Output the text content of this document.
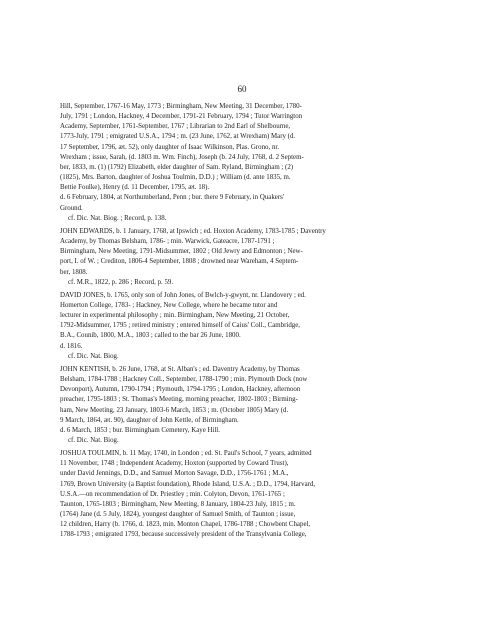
60
Hill, September, 1767-16 May, 1773 ; Birmingham, New Meeting, 31 December, 1780-
July, 1791 ; London, Hackney, 4 December, 1791-21 February, 1794 ; Tutor Warrington
Academy, September, 1761-September, 1767 ; Librarian to 2nd Earl of Shelbourne,
1773-July, 1791 ; emigrated U.S.A., 1794 ; m. (23 June, 1762, at Wrexham) Mary (d.
17 September, 1796, æt. 52), only daughter of Isaac Wilkinson, Plas. Grono, nr.
Wrexham ; issue, Sarah, (d. 1803 m. Wm. Finch), Joseph (b. 24 July, 1768, d. 2 Septem-
ber, 1833, m. (1) (1792) Elizabeth, elder daughter of Sam. Ryland, Birmingham ; (2)
(1825), Mrs. Barton, daughter of Joshua Toulmin, D.D.) ; William (d. ante 1835, m.
Bettie Foulke), Henry (d. 11 December, 1795, æt. 18).
d. 6 February, 1804, at Northumberland, Penn ; bur. there 9 February, in Quakers'
Ground.
cf. Dic. Nat. Biog. ; Record, p. 138.
JOHN EDWARDS, b. 1 January, 1768, at Ipswich ; ed. Hoxton Academy, 1783-1785 ; Daventry
Academy, by Thomas Belsham, 1786- ; min. Warwick, Gateacre, 1787-1791 ;
Birmingham, New Meeting, 1791-Midsummer, 1802 ; Old Jewry and Edmonton ; New-
port, I. of W. ; Crediton, 1806-4 September, 1808 ; drowned near Wareham, 4 Septem-
ber, 1808.
cf. M.R., 1822, p. 286 ; Record, p. 59.
DAVID JONES, b. 1765, only son of John Jones, of Bwlch-y-gwynt, nr. Llandovery ; ed.
Homerton College, 1783- ; Hackney, New College, where he became tutor and
lecturer in experimental philosophy ; min. Birmingham, New Meeting, 21 October,
1792-Midsummer, 1795 ; retired ministry ; entered himself of Caius' Coll., Cambridge,
B.A., Counib, 1800, M.A., 1803 ; called to the bar 26 June, 1800.
d. 1816.
cf. Dic. Nat. Biog.
JOHN KENTISH, b. 26 June, 1768, at St. Alban's ; ed. Daventry Academy, by Thomas
Belsham, 1784-1788 ; Hackney Coll., September, 1788-1790 ; min. Plymouth Dock (now
Devonport), Autumn, 1790-1794 ; Plymouth, 1794-1795 ; London, Hackney, afternoon
preacher, 1795-1803 ; St. Thomas's Meeting, morning preacher, 1802-1803 ; Birming-
ham, New Meeting, 23 January, 1803-6 March, 1853 ; m. (October 1805) Mary (d.
9 March, 1864, æt. 90), daughter of John Kettle, of Birmingham.
d. 6 March, 1853 ; bur. Birmingham Cemetery, Kaye Hill.
cf. Dic. Nat. Biog.
JOSHUA TOULMIN, b. 11 May, 1740, in London ; ed. St. Paul's School, 7 years, admitted
11 November, 1748 ; Independent Academy, Hoxton (supported by Coward Trust),
under David Jennings, D.D., and Samuel Morton Savage, D.D., 1756-1761 ; M.A.,
1769, Brown University (a Baptist foundation), Rhode Island, U.S.A. ; D.D., 1794, Harvard,
U.S.A.—on recommendation of Dr. Priestley ; min. Colyton, Devon, 1761-1765 ;
Taunton, 1765-1803 ; Birmingham, New Meeting, 8 January, 1804-23 July, 1815 ; m.
(1764) Jane (d. 5 July, 1824), youngest daughter of Samuel Smith, of Taunton ; issue,
12 children, Harry (b. 1766, d. 1823, min. Monton Chapel, 1786-1788 ; Chowbent Chapel,
1788-1793 ; emigrated 1793, because successively president of the Transylvania College,
